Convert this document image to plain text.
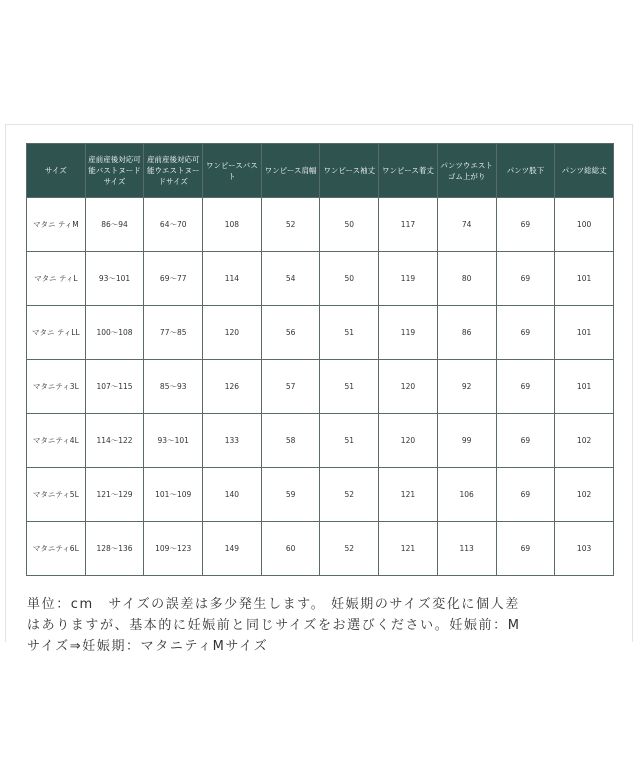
サイズ	産前産後対応可能バストヌードサイズ	産前産後対応可能ウエストヌードサイズ	ワンピースバスト	ワンピース肩幅	ワンピース袖丈	ワンピース着丈	パンツウエストゴム上がり	パンツ股下	パンツ総総丈
マタニ ティM	86〜94	64〜70	108	52	50	117	74	69	100
マタニ ティL	93〜101	69〜77	114	54	50	119	80	69	101
マタニ ティLL	100〜108	77〜85	120	56	51	119	86	69	101
マタニティ3L	107〜115	85〜93	126	57	51	120	92	69	101
マタニティ4L	114〜122	93〜101	133	58	51	120	99	69	102
マタニティ5L	121〜129	101〜109	140	59	52	121	106	69	102
マタニティ6L	128〜136	109〜123	149	60	52	121	113	69	103
単位：cm　サイズの誤差は多少発生します。 妊娠期のサイズ変化に個人差
はありますが、基本的に妊娠前と同じサイズをお選びください。妊娠前：M
サイズ⇒妊娠期：マタニティMサイズ
